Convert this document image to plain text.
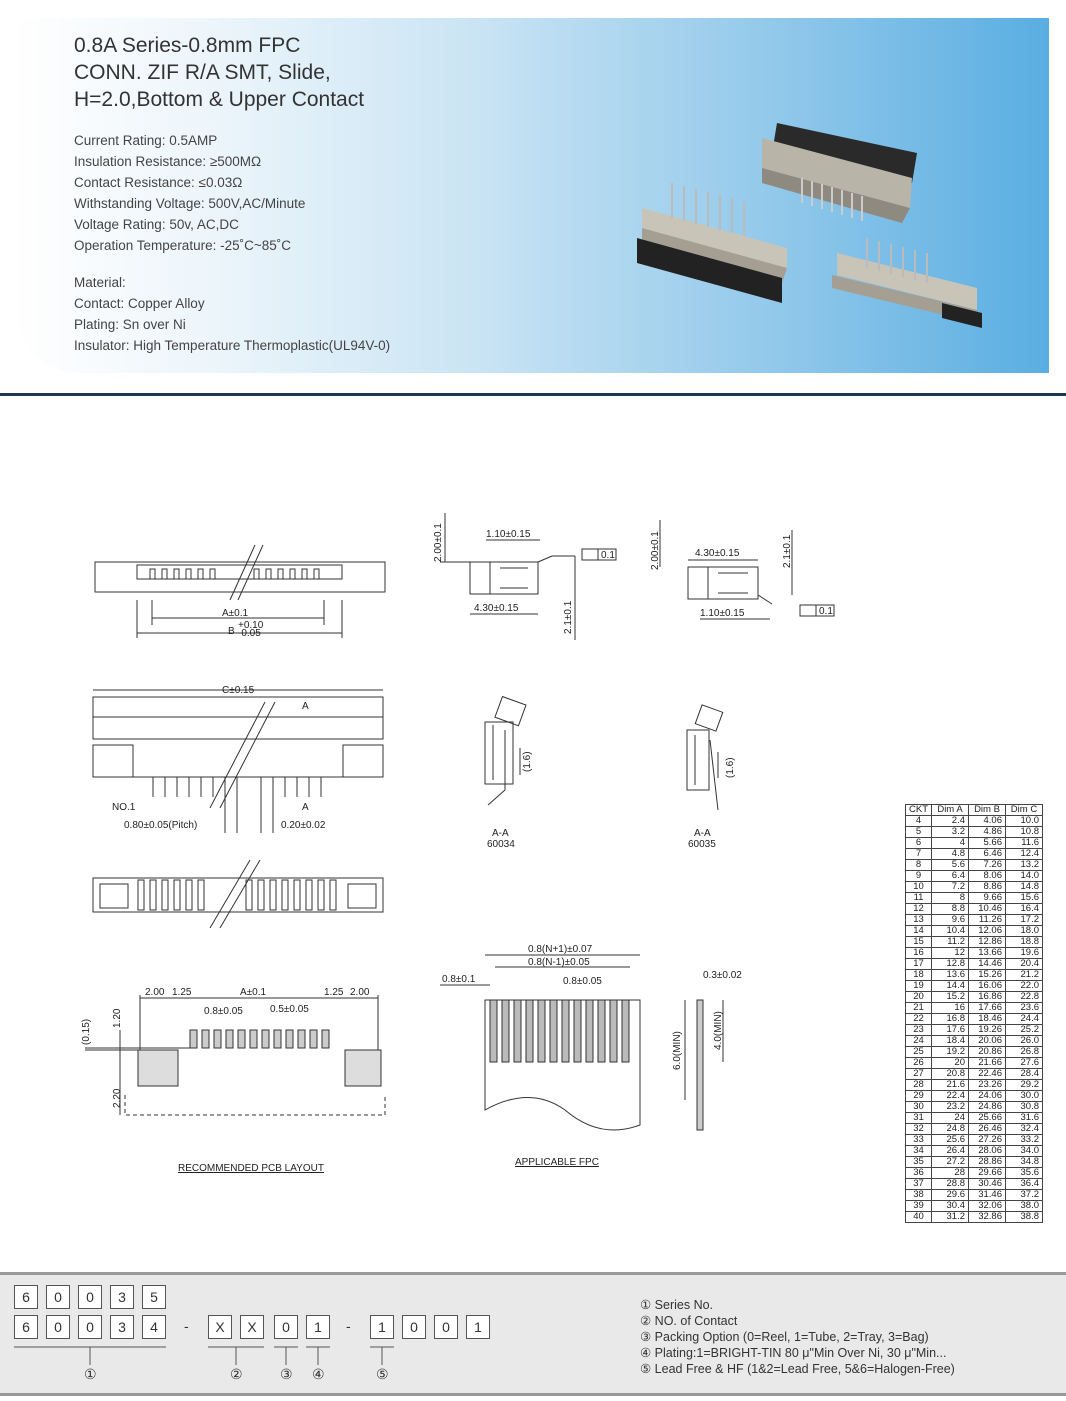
0.8A Series-0.8mm FPC
CONN. ZIF R/A SMT, Slide,
H=2.0,Bottom & Upper Contact
Current Rating: 0.5AMP
Insulation Resistance: ≥500MΩ
Contact Resistance: ≤0.03Ω
Withstanding Voltage: 500V,AC/Minute
Voltage Rating: 50v, AC,DC
Operation Temperature: -25˚C~85˚C
Material:
Contact: Copper Alloy
Plating: Sn over Ni
Insulator: High Temperature Thermoplastic(UL94V-0)
A±0.1
B
+0.10
-0.05
1.10±0.15
4.30±0.15
0.1
2.00±0.1
2.1±0.1
4.30±0.15
1.10±0.15	0.1
2.00±0.1	2.1±0.1
C±0.15
A
A
NO.1
0.80±0.05(Pitch)	0.20±0.02
A-A
60034
(1.6)
A-A
60035
(1.6)
2.00 1.25	A±0.1	1.25 2.00
0.8±0.05	0.5±0.05
(0.15)
1.20
2.20
RECOMMENDED PCB LAYOUT
0.8(N+1)±0.07
0.8(N-1)±0.05
0.8±0.1	0.8±0.05
0.3±0.02
6.0(MIN)
4.0(MIN)
APPLICABLE FPC
CKT	Dim A	Dim B	Dim C
4	2.4	4.06	10.0
5	3.2	4.86	10.8
6	4	5.66	11.6
7	4.8	6.46	12.4
8	5.6	7.26	13.2
9	6.4	8.06	14.0
10	7.2	8.86	14.8
11	8	9.66	15.6
12	8.8	10.46	16.4
13	9.6	11.26	17.2
14	10.4	12.06	18.0
15	11.2	12.86	18.8
16	12	13.66	19.6
17	12.8	14.46	20.4
18	13.6	15.26	21.2
19	14.4	16.06	22.0
20	15.2	16.86	22.8
21	16	17.66	23.6
22	16.8	18.46	24.4
23	17.6	19.26	25.2
24	18.4	20.06	26.0
25	19.2	20.86	26.8
26	20	21.66	27.6
27	20.8	22.46	28.4
28	21.6	23.26	29.2
29	22.4	24.06	30.0
30	23.2	24.86	30.8
31	24	25.66	31.6
32	24.8	26.46	32.4
33	25.6	27.26	33.2
34	26.4	28.06	34.0
35	27.2	28.86	34.8
36	28	29.66	35.6
37	28.8	30.46	36.4
38	29.6	31.46	37.2
39	30.4	32.06	38.0
40	31.2	32.86	38.8
6	0	0	3	5
6	0	0	3	4	-	X	X	0	1	-	1	0	0	1
①	②	③ ④	⑤
① Series No.
② NO. of Contact
③ Packing Option (0=Reel, 1=Tube, 2=Tray, 3=Bag)
④ Plating:1=BRIGHT-TIN 80 μ"Min Over Ni, 30 μ"Min...
⑤ Lead Free & HF (1&2=Lead Free, 5&6=Halogen-Free)
